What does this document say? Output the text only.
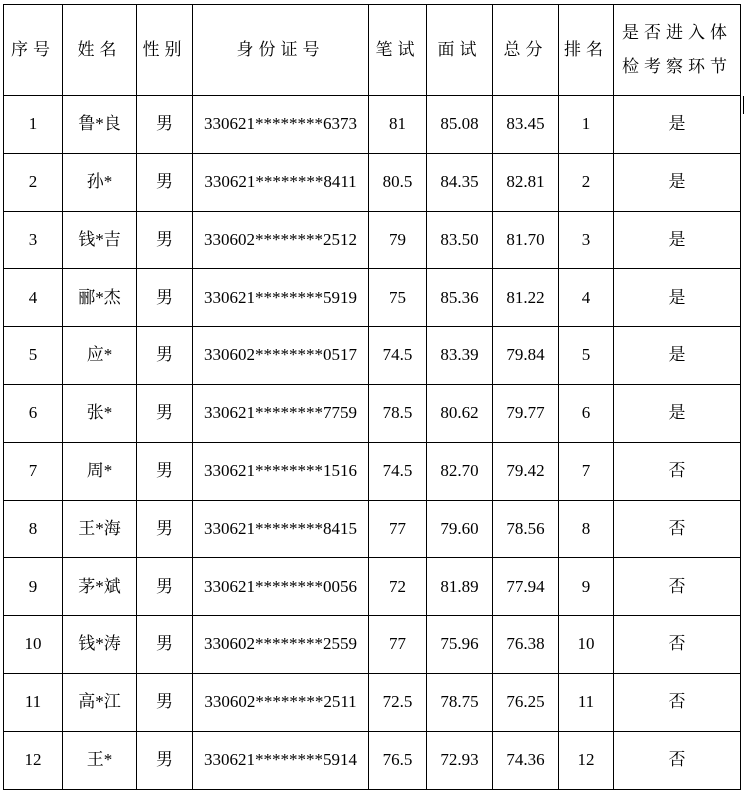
序号	姓名	性别	身份证号	笔试	面试	总分	排名	是否进入体
检考察环节

1	鲁*良	男	330621********6373	81	85.08	83.45	1	是
2	孙*	男	330621********8411	80.5	84.35	82.81	2	是
3	钱*吉	男	330602********2512	79	83.50	81.70	3	是
4	郦*杰	男	330621********5919	75	85.36	81.22	4	是
5	应*	男	330602********0517	74.5	83.39	79.84	5	是
6	张*	男	330621********7759	78.5	80.62	79.77	6	是
7	周*	男	330621********1516	74.5	82.70	79.42	7	否
8	王*海	男	330621********8415	77	79.60	78.56	8	否
9	茅*斌	男	330621********0056	72	81.89	77.94	9	否
10	钱*涛	男	330602********2559	77	75.96	76.38	10	否
11	高*江	男	330602********2511	72.5	78.75	76.25	11	否
12	王*	男	330621********5914	76.5	72.93	74.36	12	否
